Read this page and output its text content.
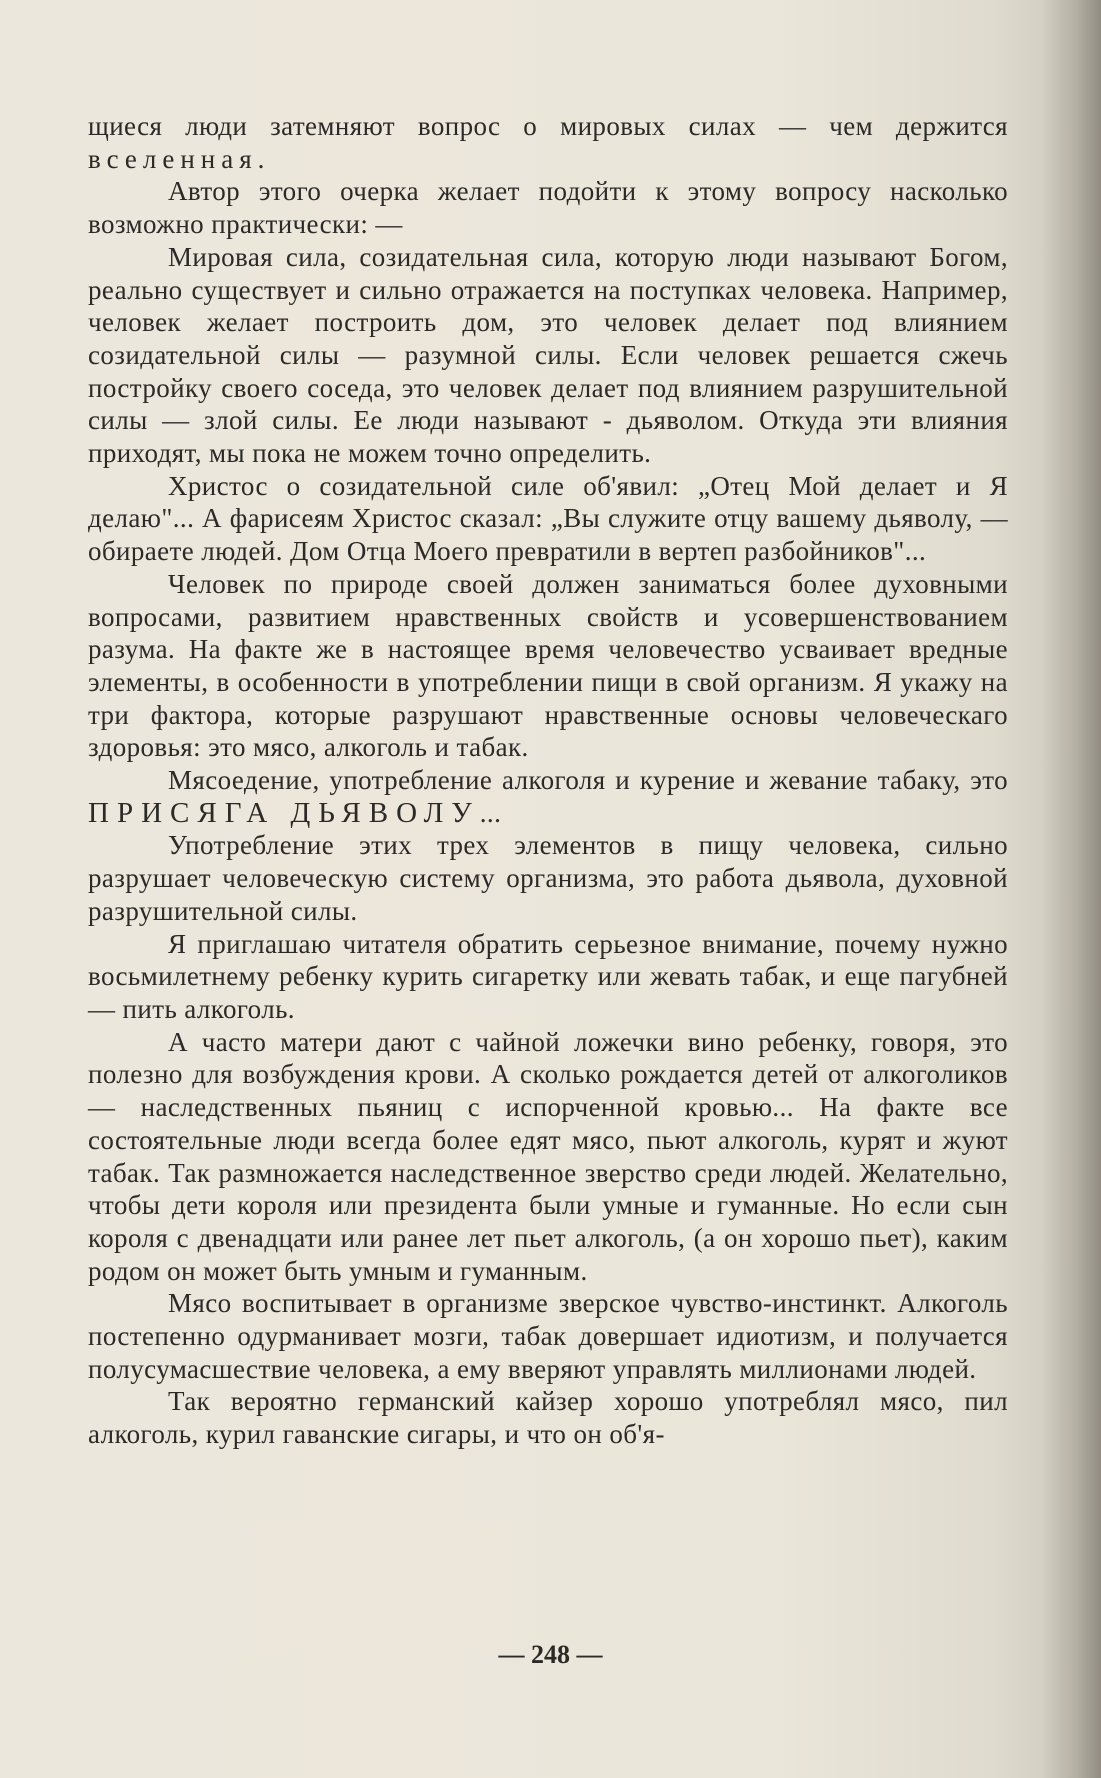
щиеся люди затемняют вопрос о мировых силах — чем держится вселенная.

Автор этого очерка желает подойти к этому вопросу насколько возможно практически: —

Мировая сила, созидательная сила, которую люди называют Богом, реально существует и сильно отражается на поступках человека. Например, человек желает построить дом, это человек делает под влиянием созидательной силы — разумной силы. Если человек решается сжечь постройку своего соседа, это человек делает под влиянием разрушительной силы — злой силы. Ее люди называют - дьяволом. Откуда эти влияния приходят, мы пока не можем точно определить.

Христос о созидательной силе об'явил: „Отец Мой делает и Я делаю"... А фарисеям Христос сказал: „Вы служите отцу вашему дьяволу, — обираете людей. Дом Отца Моего превратили в вертеп разбойников"...

Человек по природе своей должен заниматься более духовными вопросами, развитием нравственных свойств и усовершенствованием разума. На факте же в настоящее время человечество усваивает вредные элементы, в особенности в употреблении пищи в свой организм. Я укажу на три фактора, которые разрушают нравственные основы человеческаго здоровья: это мясо, алкоголь и табак.

Мясоедение, употребление алкоголя и курение и жевание табаку, это ПРИСЯГА ДЬЯВОЛУ...

Употребление этих трех элементов в пищу человека, сильно разрушает человеческую систему организма, это работа дьявола, духовной разрушительной силы.

Я приглашаю читателя обратить серьезное внимание, почему нужно восьмилетнему ребенку курить сигаретку или жевать табак, и еще пагубней — пить алкоголь.

А часто матери дают с чайной ложечки вино ребенку, говоря, это полезно для возбуждения крови. А сколько рождается детей от алкоголиков — наследственных пьяниц с испорченной кровью... На факте все состоятельные люди всегда более едят мясо, пьют алкоголь, курят и жуют табак. Так размножается наследственное зверство среди людей. Желательно, чтобы дети короля или президента были умные и гуманные. Но если сын короля с двенадцати или ранее лет пьет алкоголь, (а он хорошо пьет), каким родом он может быть умным и гуманным.

Мясо воспитывает в организме зверское чувство-инстинкт. Алкоголь постепенно одурманивает мозги, табак довершает идиотизм, и получается полусумасшествие человека, а ему вверяют управлять миллионами людей.

Так вероятно германский кайзер хорошо употреблял мясо, пил алкоголь, курил гаванские сигары, и что он об'я-

— 248 —
